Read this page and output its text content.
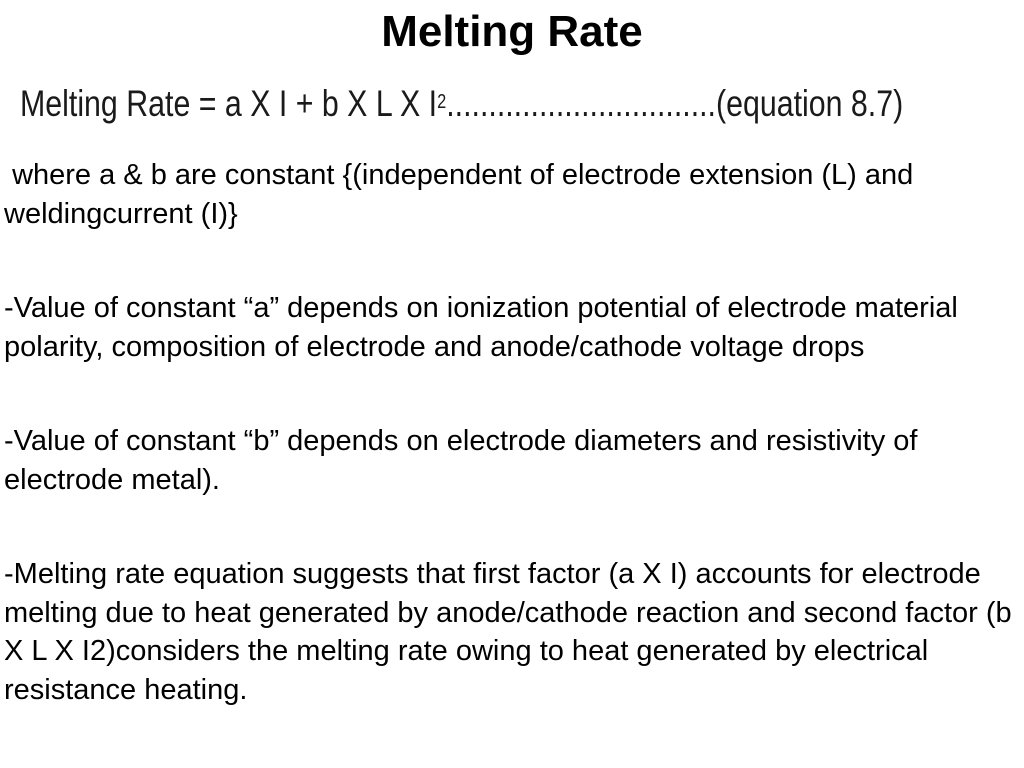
Melting Rate
Melting Rate = a X I + b X L X $I^2................................(equation$ 8.7)

where a & b are constant {(independent of electrode extension (L) and weldingcurrent (I)}

-Value of constant “a” depends on ionization potential of electrode material polarity, composition of electrode and anode/cathode voltage drops

-Value of constant “b” depends on electrode diameters and resistivity of electrode metal).

-Melting rate equation suggests that first factor (a X I) accounts for electrode melting due to heat generated by anode/cathode reaction and second factor (b X L X I2)considers the melting rate owing to heat generated by electrical resistance heating.
